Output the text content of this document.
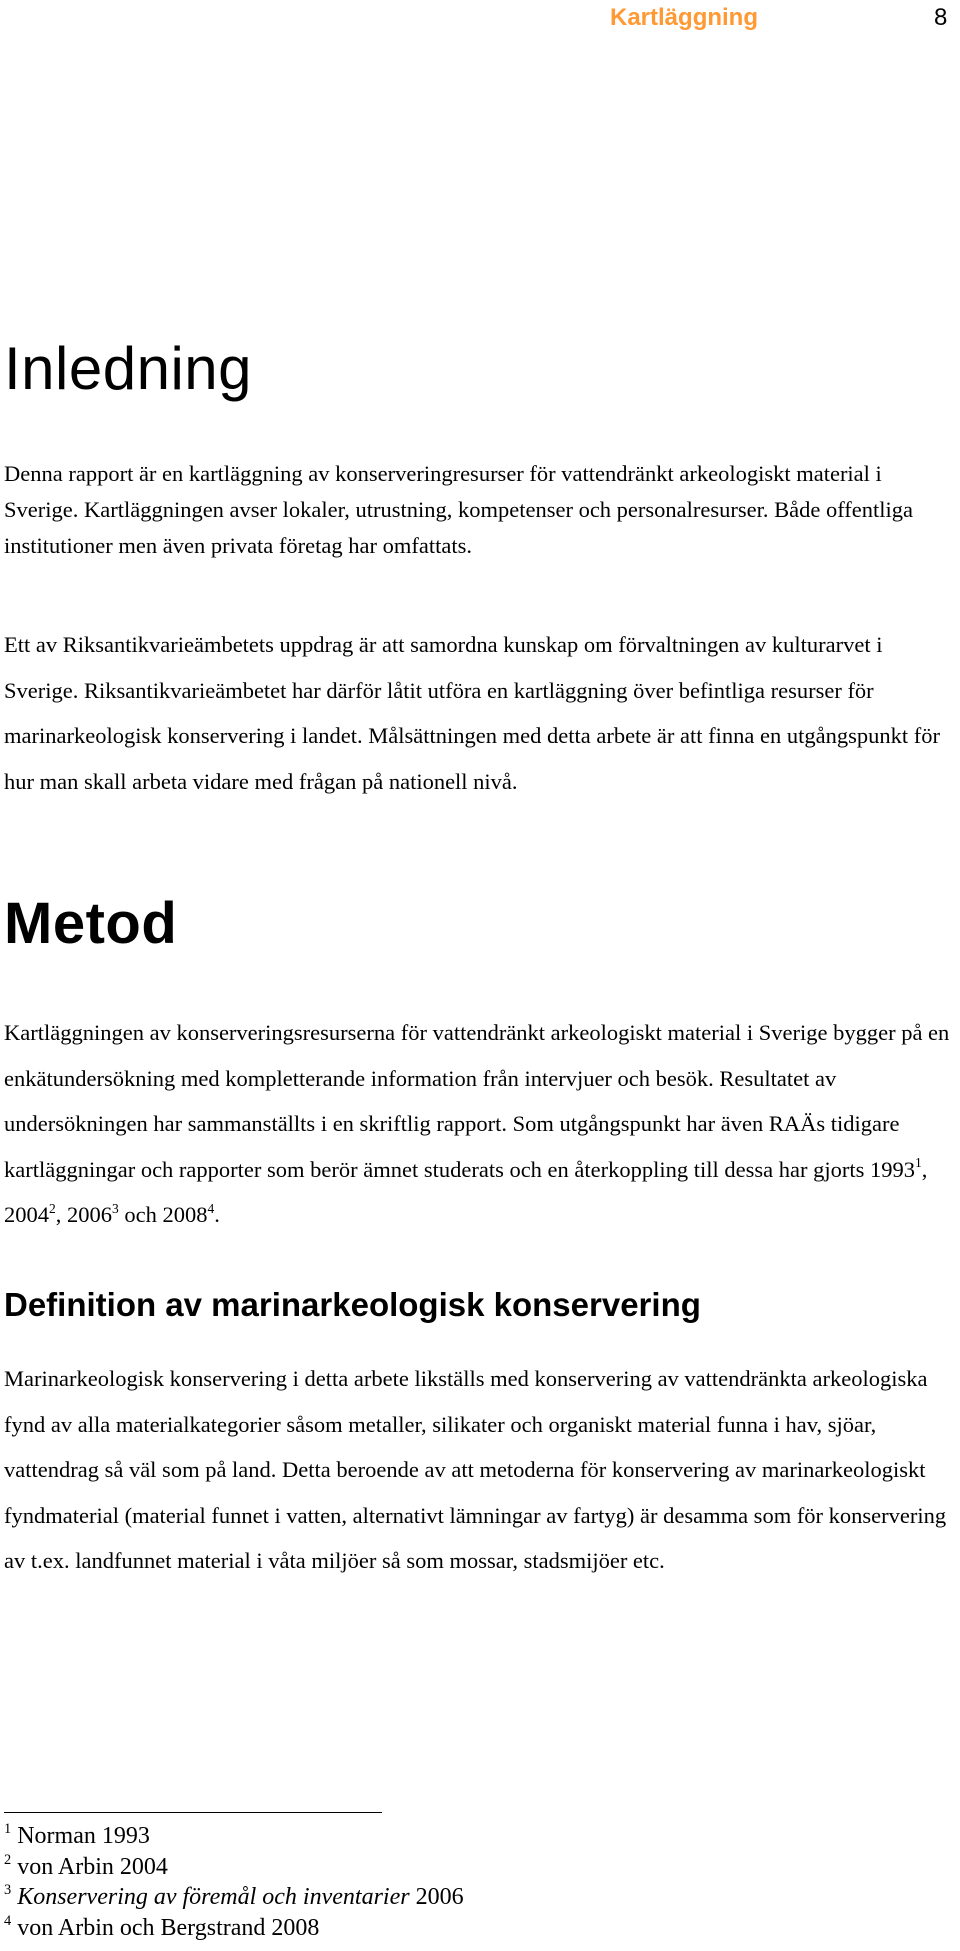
Kartläggning	8
Inledning

Denna rapport är en kartläggning av konserveringresurser för vattendränkt arkeologiskt material i Sverige. Kartläggningen avser lokaler, utrustning, kompetenser och personalresurser. Både offentliga institutioner men även privata företag har omfattats.

Ett av Riksantikvarieämbetets uppdrag är att samordna kunskap om förvaltningen av kulturarvet i Sverige. Riksantikvarieämbetet har därför låtit utföra en kartläggning över befintliga resurser för marinarkeologisk konservering i landet. Målsättningen med detta arbete är att finna en utgångspunkt för hur man skall arbeta vidare med frågan på nationell nivå.

Metod

Kartläggningen av konserveringsresurserna för vattendränkt arkeologiskt material i Sverige bygger på en enkätundersökning med kompletterande information från intervjuer och besök. Resultatet av undersökningen har sammanställts i en skriftlig rapport. Som utgångspunkt har även RAÄs tidigare kartläggningar och rapporter som berör ämnet studerats och en återkoppling till dessa har gjorts 1993$^1$, 2004$^2$, 2006$^3$ och 2008$^4$.

Definition av marinarkeologisk konservering

Marinarkeologisk konservering i detta arbete likställs med konservering av vattendränkta arkeologiska fynd av alla materialkategorier såsom metaller, silikater och organiskt material funna i hav, sjöar, vattendrag så väl som på land. Detta beroende av att metoderna för konservering av marinarkeologiskt fyndmaterial (material funnet i vatten, alternativt lämningar av fartyg) är desamma som för konservering av t.ex. landfunnet material i våta miljöer så som mossar, stadsmijöer etc.

$^1$ Norman 1993
$^2$ von Arbin 2004
$^3$ Konservering av föremål och inventarier 2006
$^4$ von Arbin och Bergstrand 2008
